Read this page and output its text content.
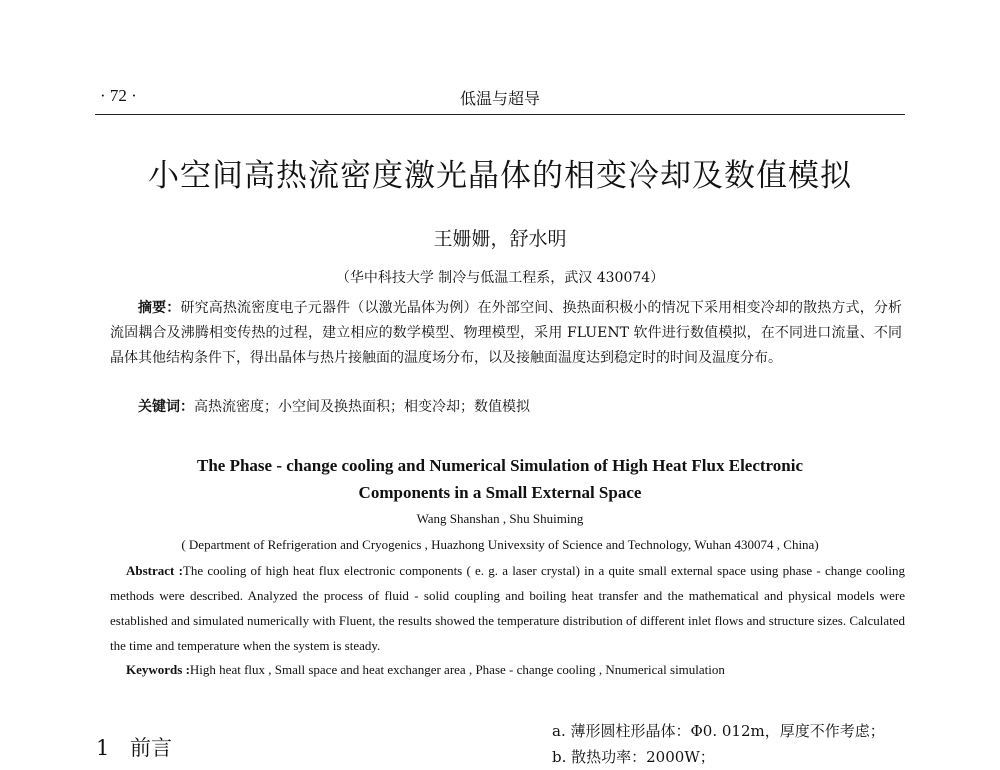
· 72 ·	低温与超导
小空间高热流密度激光晶体的相变冷却及数值模拟
王姗姗，舒水明
（华中科技大学 制冷与低温工程系，武汉 430074）

摘要：研究高热流密度电子元器件（以激光晶体为例）在外部空间、换热面积极小的情况下采用相变冷却的散热方式，分析流固耦合及沸腾相变传热的过程，建立相应的数学模型、物理模型，采用 FLUENT 软件进行数值模拟，在不同进口流量、不同晶体其他结构条件下，得出晶体与热片接触面的温度场分布，以及接触面温度达到稳定时的时间及温度分布。

关键词：高热流密度；小空间及换热面积；相变冷却；数值模拟
The Phase - change cooling and Numerical Simulation of High Heat Flux Electronic
Components in a Small External Space
Wang Shanshan , Shu Shuiming
( Department of Refrigeration and Cryogenics , Huazhong Univexsity of Science and Technology, Wuhan 430074 , China)

Abstract :The cooling of high heat flux electronic components ( e. g. a laser crystal) in a quite small external space using phase - change cooling methods were described. Analyzed the process of fluid - solid coupling and boiling heat transfer and the mathematical and physical models were established and simulated numerically with Fluent, the results showed the temperature distribution of different inlet flows and structure sizes. Calculated the time and temperature when the system is steady.

Keywords :High heat flux , Small space and heat exchanger area , Phase - change cooling , Nnumerical simulation
1 前言
a. 薄形圆柱形晶体：Φ0. 012m，厚度不作考虑；
b. 散热功率：2000W；
